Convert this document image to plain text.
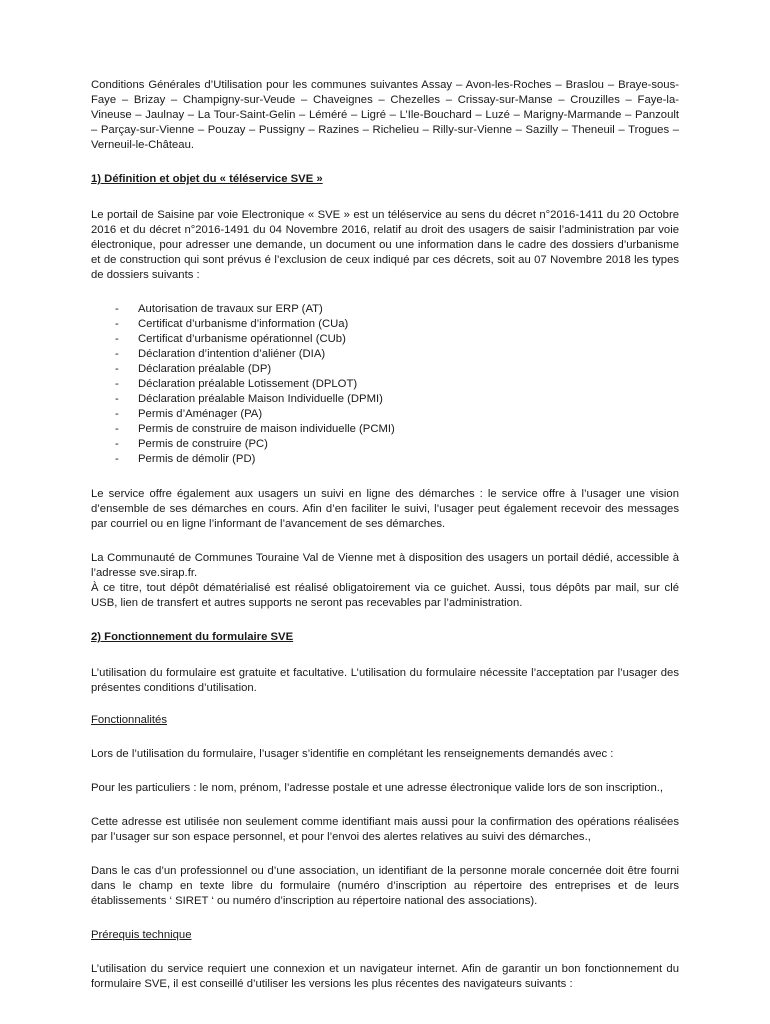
Conditions Générales d’Utilisation pour les communes suivantes Assay – Avon-les-Roches – Braslou – Braye-sous-Faye – Brizay – Champigny-sur-Veude – Chaveignes – Chezelles – Crissay-sur-Manse – Crouzilles – Faye-la-Vineuse – Jaulnay – La Tour-Saint-Gelin – Léméré – Ligré – L’Ile-Bouchard – Luzé – Marigny-Marmande – Panzoult – Parçay-sur-Vienne – Pouzay – Pussigny – Razines – Richelieu – Rilly-sur-Vienne – Sazilly – Theneuil – Trogues – Verneuil-le-Château.

1) Définition et objet du « téléservice SVE »

Le portail de Saisine par voie Electronique « SVE » est un téléservice au sens du décret n°2016-1411 du 20 Octobre 2016 et du décret n°2016-1491 du 04 Novembre 2016, relatif au droit des usagers de saisir l’administration par voie électronique, pour adresser une demande, un document ou une information dans le cadre des dossiers d’urbanisme et de construction qui sont prévus é l’exclusion de ceux indiqué par ces décrets, soit au 07 Novembre 2018 les types de dossiers suivants :

- Autorisation de travaux sur ERP (AT)
- Certificat d’urbanisme d’information (CUa)
- Certificat d’urbanisme opérationnel (CUb)
- Déclaration d’intention d’aliéner (DIA)
- Déclaration préalable (DP)
- Déclaration préalable Lotissement (DPLOT)
- Déclaration préalable Maison Individuelle (DPMI)
- Permis d’Aménager (PA)
- Permis de construire de maison individuelle (PCMI)
- Permis de construire (PC)
- Permis de démolir (PD)

Le service offre également aux usagers un suivi en ligne des démarches : le service offre à l’usager une vision d’ensemble de ses démarches en cours. Afin d’en faciliter le suivi, l’usager peut également recevoir des messages par courriel ou en ligne l’informant de l’avancement de ses démarches.

La Communauté de Communes Touraine Val de Vienne met à disposition des usagers un portail dédié, accessible à l’adresse sve.sirap.fr.

À ce titre, tout dépôt dématérialisé est réalisé obligatoirement via ce guichet. Aussi, tous dépôts par mail, sur clé USB, lien de transfert et autres supports ne seront pas recevables par l’administration.

2) Fonctionnement du formulaire SVE

L’utilisation du formulaire est gratuite et facultative. L’utilisation du formulaire nécessite l’acceptation par l’usager des présentes conditions d’utilisation.

Fonctionnalités

Lors de l’utilisation du formulaire, l’usager s’identifie en complétant les renseignements demandés avec :

Pour les particuliers : le nom, prénom, l’adresse postale et une adresse électronique valide lors de son inscription.,

Cette adresse est utilisée non seulement comme identifiant mais aussi pour la confirmation des opérations réalisées par l’usager sur son espace personnel, et pour l’envoi des alertes relatives au suivi des démarches.,

Dans le cas d’un professionnel ou d’une association, un identifiant de la personne morale concernée doit être fourni dans le champ en texte libre du formulaire (numéro d’inscription au répertoire des entreprises et de leurs établissements ‘ SIRET ‘ ou numéro d’inscription au répertoire national des associations).

Prérequis technique

L’utilisation du service requiert une connexion et un navigateur internet. Afin de garantir un bon fonctionnement du formulaire SVE, il est conseillé d’utiliser les versions les plus récentes des navigateurs suivants :
